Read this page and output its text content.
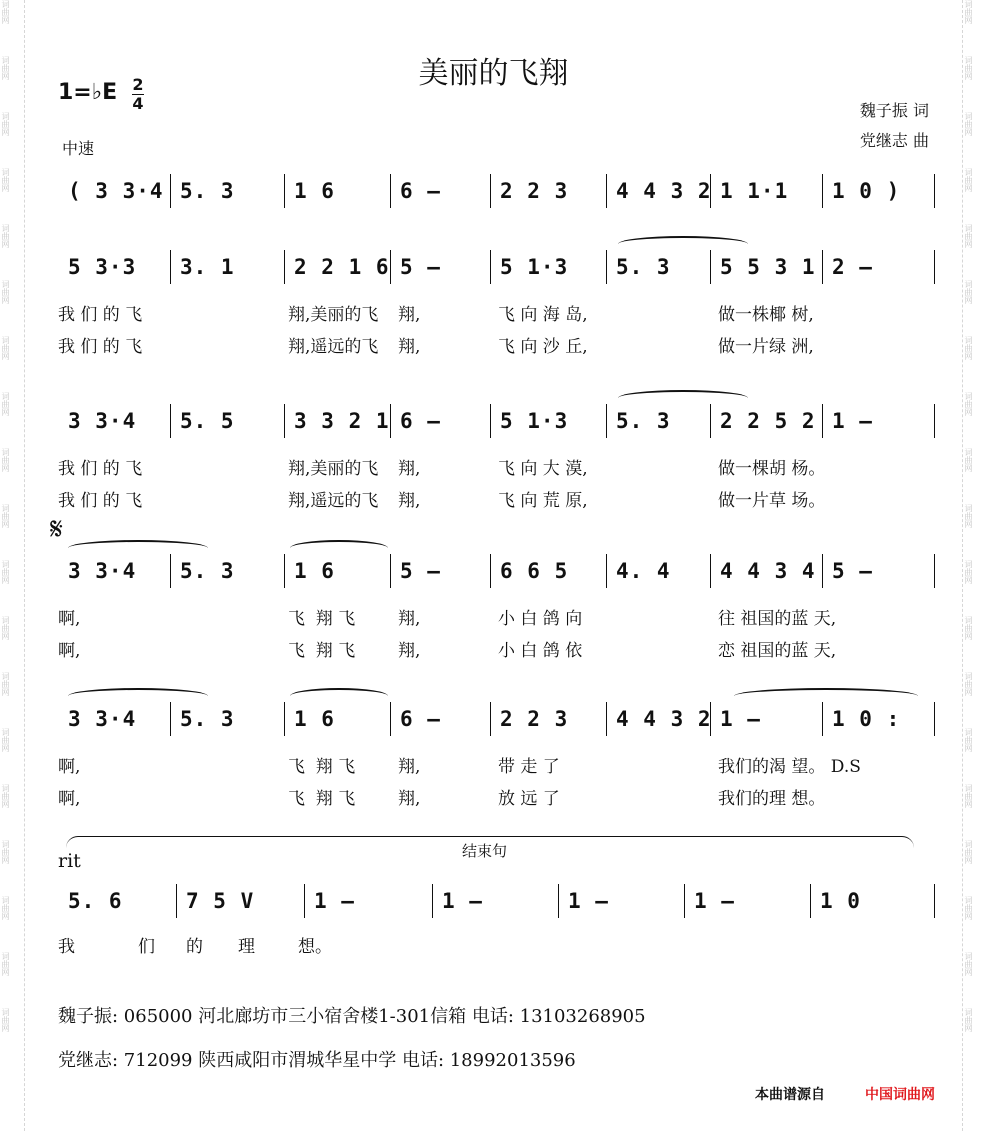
词曲网
词曲网
词曲网
词曲网
词曲网
词曲网
词曲网
词曲网
词曲网
词曲网
词曲网
词曲网
词曲网
词曲网
词曲网
词曲网
词曲网
词曲网
词曲网
词曲网
词曲网
词曲网
词曲网
词曲网
词曲网
词曲网
词曲网
词曲网
词曲网
词曲网
词曲网
词曲网
词曲网
词曲网
词曲网
词曲网
词曲网
词曲网
美丽的飞翔
1=♭E 2
4
中速
魏子振 词
党继志 曲
( 3 3·4 5. 3	1 6	6 –	2 2 3	4 4 3 2 1 1·1	1 0 )
5 3·3	3. 1	2 2 1 6 5 –	5 1·3	5. 3	5 5 3 1 2 –
我 们 的 飞	翔,美丽的飞 翔,	飞 向 海 岛,	做一株椰 树,
我 们 的 飞	翔,遥远的飞 翔,	飞 向 沙 丘,	做一片绿 洲,
3 3·4	5. 5	3 3 2 1 6 –	5 1·3	5. 3	2 2 5 2 1 –
我 们 的 飞	翔,美丽的飞 翔,	飞 向 大 漠,	做一棵胡 杨。
我 们 的 飞	翔,遥远的飞 翔,	飞 向 荒 原,	做一片草 场。
3 3·4	5. 3	1 6	5 –	6 6 5	4. 4	4 4 3 4 5 –
啊,	飞  翔 飞	翔,	小 白 鸽 向	往 祖国的蓝 天,
啊,	飞  翔 飞	翔,	小 白 鸽 依	恋 祖国的蓝 天,
3 3·4	5. 3	1 6	6 –	2 2 3	4 4 3 2 1 –	1 0 :
啊,	飞  翔 飞	翔,	带 走 了	我们的渴 望。 D.S
啊,	飞  翔 飞	翔,	放 远 了	我们的理 想。
𝄋
rit	结束句
5. 6	7 5 V	1 –	1 –	1 –	1 –	1 0
我	们 的 理	想。
魏子振: 065000 河北廊坊市三小宿舍楼1-301信箱 电话: 13103268905
党继志: 712099 陕西咸阳市渭城华星中学 电话: 18992013596
本曲谱源自	中国词曲网
